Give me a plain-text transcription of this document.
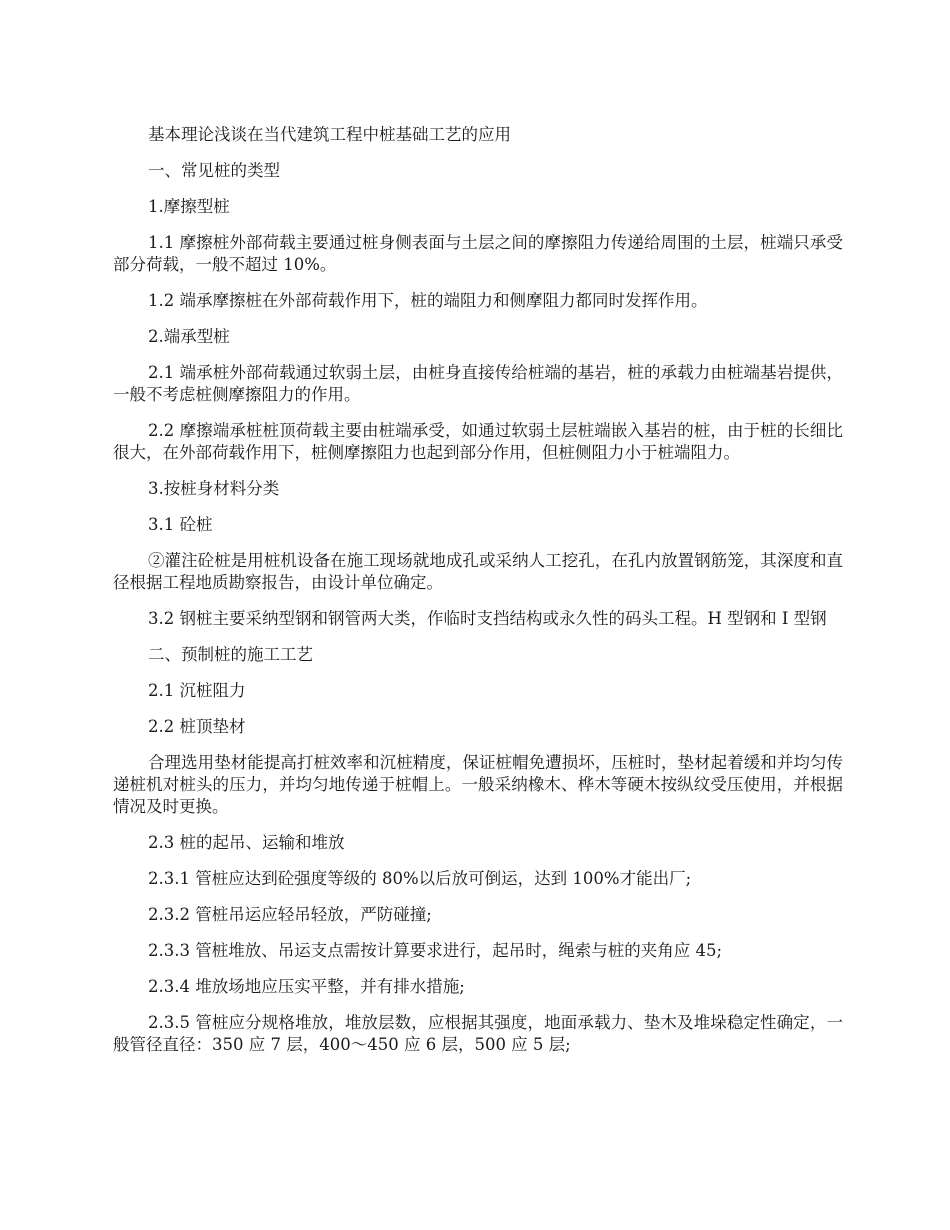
基本理论浅谈在当代建筑工程中桩基础工艺的应用

一、常见桩的类型

1.摩擦型桩

1.1 摩擦桩外部荷载主要通过桩身侧表面与土层之间的摩擦阻力传递给周围的土层，桩端只承受部分荷载，一般不超过 10%。

1.2 端承摩擦桩在外部荷载作用下，桩的端阻力和侧摩阻力都同时发挥作用。

2.端承型桩

2.1 端承桩外部荷载通过软弱土层，由桩身直接传给桩端的基岩，桩的承载力由桩端基岩提供，一般不考虑桩侧摩擦阻力的作用。

2.2 摩擦端承桩桩顶荷载主要由桩端承受，如通过软弱土层桩端嵌入基岩的桩，由于桩的长细比很大，在外部荷载作用下，桩侧摩擦阻力也起到部分作用，但桩侧阻力小于桩端阻力。

3.按桩身材料分类

3.1 砼桩

②灌注砼桩是用桩机设备在施工现场就地成孔或采纳人工挖孔，在孔内放置钢筋笼，其深度和直径根据工程地质勘察报告，由设计单位确定。

3.2 钢桩主要采纳型钢和钢管两大类，作临时支挡结构或永久性的码头工程。H 型钢和 I 型钢

二、预制桩的施工工艺

2.1 沉桩阻力

2.2 桩顶垫材

合理选用垫材能提高打桩效率和沉桩精度，保证桩帽免遭损坏，压桩时，垫材起着缓和并均匀传递桩机对桩头的压力，并均匀地传递于桩帽上。一般采纳橡木、桦木等硬木按纵纹受压使用，并根据情况及时更换。

2.3 桩的起吊、运输和堆放

2.3.1 管桩应达到砼强度等级的 80%以后放可倒运，达到 100%才能出厂;

2.3.2 管桩吊运应轻吊轻放，严防碰撞;

2.3.3 管桩堆放、吊运支点需按计算要求进行，起吊时，绳索与桩的夹角应 45;

2.3.4 堆放场地应压实平整，并有排水措施;

2.3.5 管桩应分规格堆放，堆放层数，应根据其强度，地面承载力、垫木及堆垛稳定性确定，一般管径直径：350 应 7 层，400～450 应 6 层，500 应 5 层;
